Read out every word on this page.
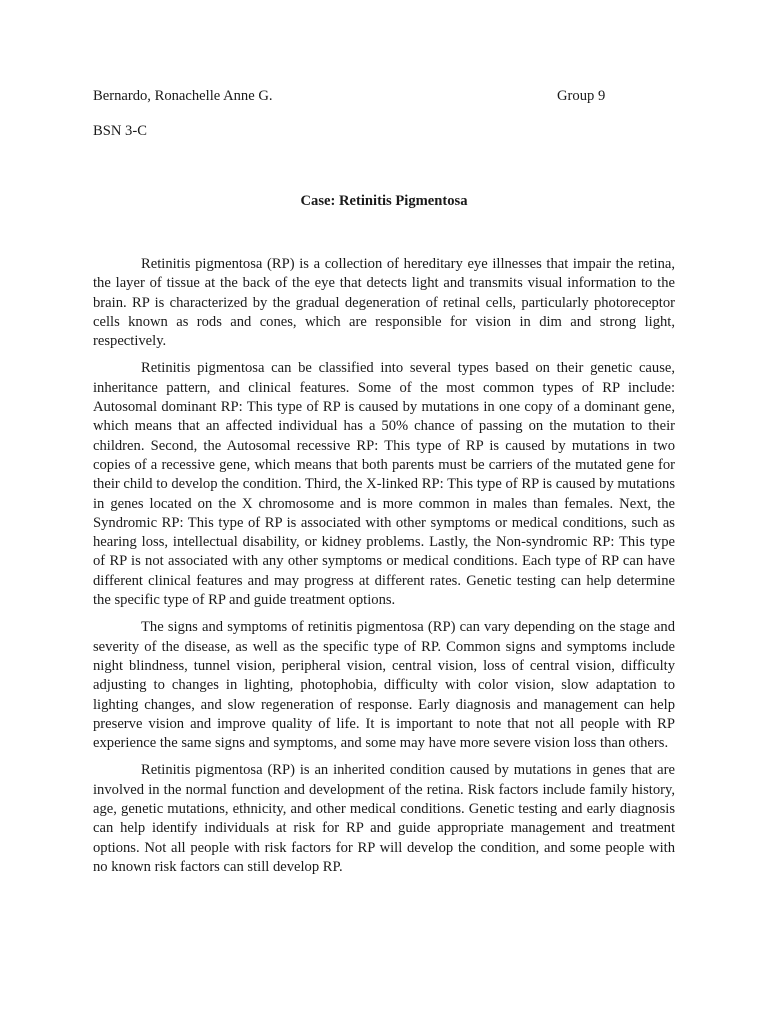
Bernardo, Ronachelle Anne G.	Group 9
BSN 3-C
Case: Retinitis Pigmentosa

Retinitis pigmentosa (RP) is a collection of hereditary eye illnesses that impair the retina, the layer of tissue at the back of the eye that detects light and transmits visual information to the brain. RP is characterized by the gradual degeneration of retinal cells, particularly photoreceptor cells known as rods and cones, which are responsible for vision in dim and strong light, respectively.

Retinitis pigmentosa can be classified into several types based on their genetic cause, inheritance pattern, and clinical features. Some of the most common types of RP include: Autosomal dominant RP: This type of RP is caused by mutations in one copy of a dominant gene, which means that an affected individual has a 50% chance of passing on the mutation to their children. Second, the Autosomal recessive RP: This type of RP is caused by mutations in two copies of a recessive gene, which means that both parents must be carriers of the mutated gene for their child to develop the condition. Third, the X-linked RP: This type of RP is caused by mutations in genes located on the X chromosome and is more common in males than females. Next, the Syndromic RP: This type of RP is associated with other symptoms or medical conditions, such as hearing loss, intellectual disability, or kidney problems. Lastly, the Non-syndromic RP: This type of RP is not associated with any other symptoms or medical conditions. Each type of RP can have different clinical features and may progress at different rates. Genetic testing can help determine the specific type of RP and guide treatment options.

The signs and symptoms of retinitis pigmentosa (RP) can vary depending on the stage and severity of the disease, as well as the specific type of RP. Common signs and symptoms include night blindness, tunnel vision, peripheral vision, central vision, loss of central vision, difficulty adjusting to changes in lighting, photophobia, difficulty with color vision, slow adaptation to lighting changes, and slow regeneration of response. Early diagnosis and management can help preserve vision and improve quality of life. It is important to note that not all people with RP experience the same signs and symptoms, and some may have more severe vision loss than others.

Retinitis pigmentosa (RP) is an inherited condition caused by mutations in genes that are involved in the normal function and development of the retina. Risk factors include family history, age, genetic mutations, ethnicity, and other medical conditions. Genetic testing and early diagnosis can help identify individuals at risk for RP and guide appropriate management and treatment options. Not all people with risk factors for RP will develop the condition, and some people with no known risk factors can still develop RP.
